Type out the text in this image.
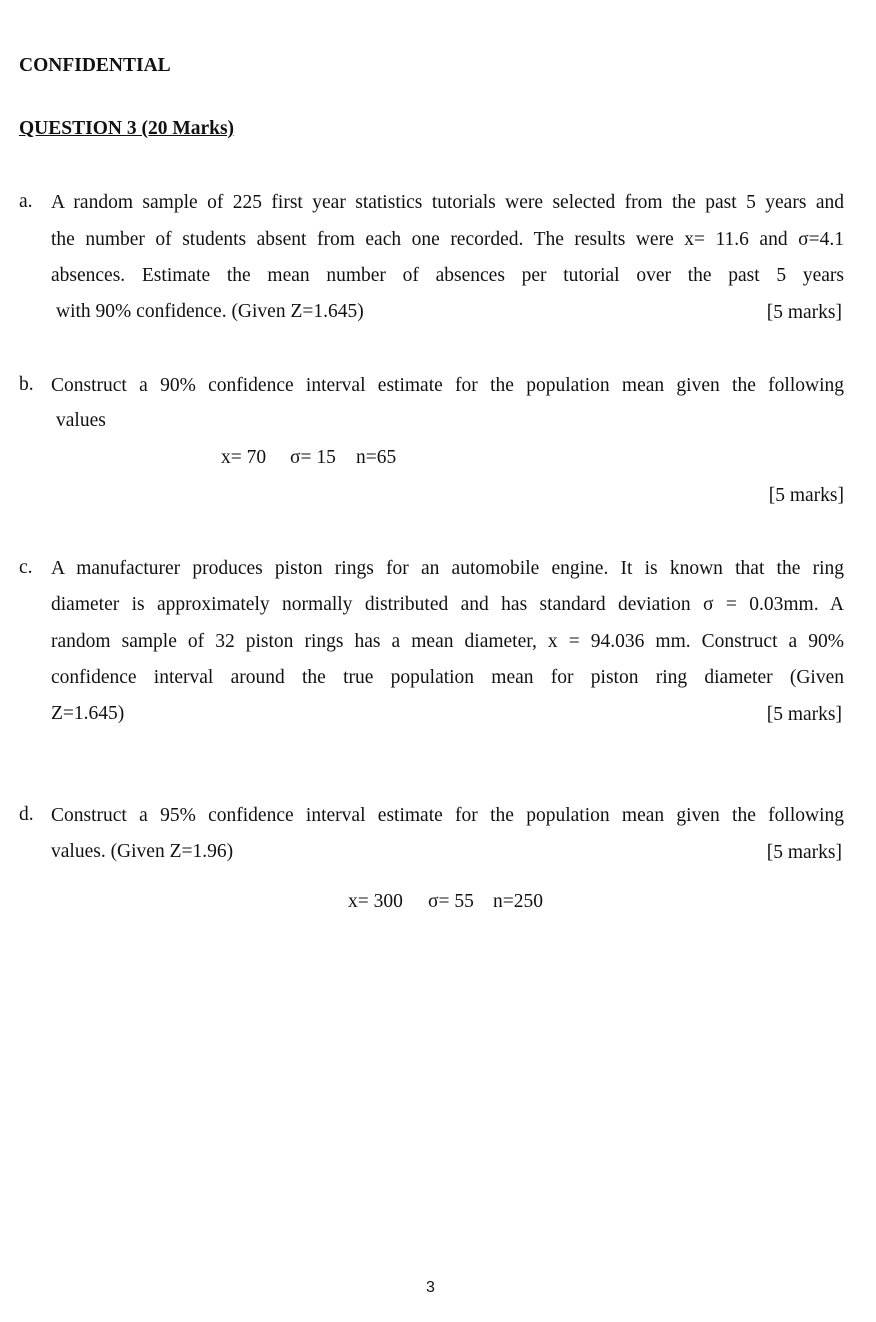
CONFIDENTIAL
QUESTION 3 (20 Marks)
a. A random sample of 225 first year statistics tutorials were selected from the past 5 years and
the number of students absent from each one recorded. The results were x= 11.6 and σ=4.1
absences. Estimate the mean number of absences per tutorial over the past 5 years
with 90% confidence. (Given Z=1.645)	[5 marks]
b. Construct a 90% confidence interval estimate for the population mean given the following
values
x= 70 σ= 15 n=65
[5 marks]
c. A manufacturer produces piston rings for an automobile engine. It is known that the ring
diameter is approximately normally distributed and has standard deviation σ = 0.03mm. A
random sample of 32 piston rings has a mean diameter, x = 94.036 mm. Construct a 90%
confidence interval around the true population mean for piston ring diameter (Given
Z=1.645)	[5 marks]
d. Construct a 95% confidence interval estimate for the population mean given the following
values. (Given Z=1.96)	[5 marks]
x= 300 σ= 55 n=250
3
